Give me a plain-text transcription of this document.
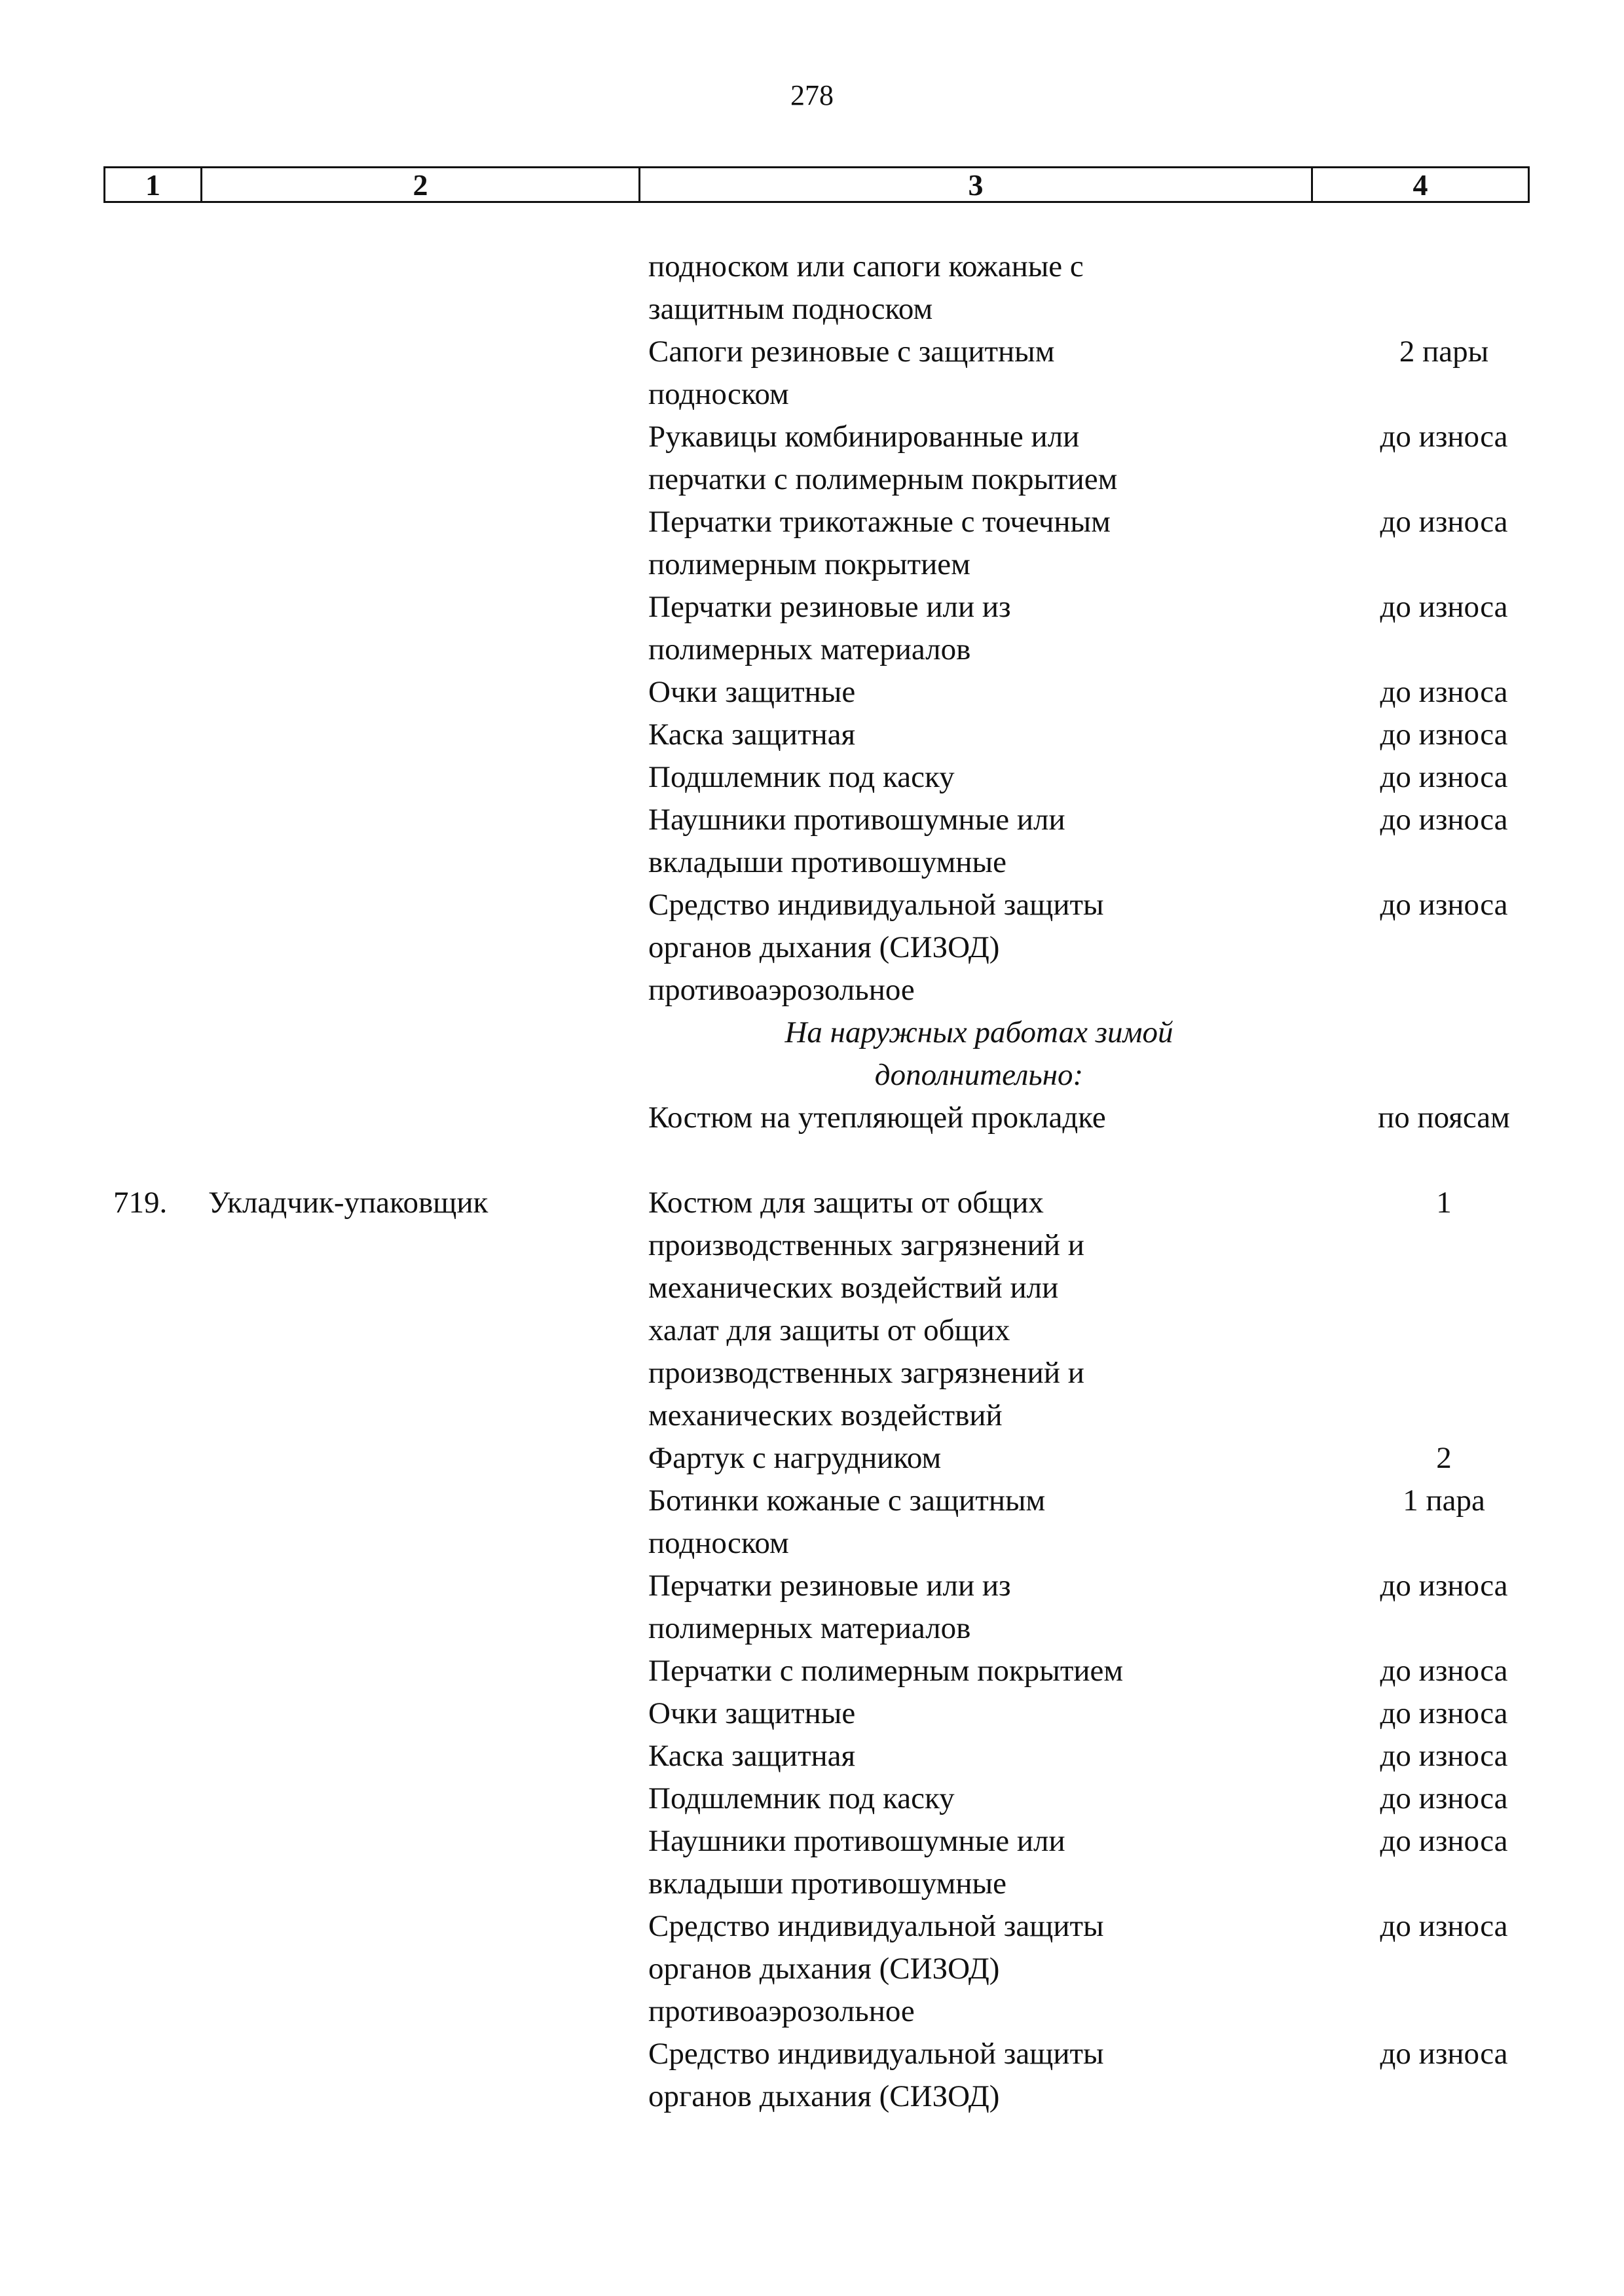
278
1	2	3	4
подноском или сапоги кожаные с
защитным подноском
Сапоги резиновые с защитным	2 пары
подноском
Рукавицы комбинированные или	до износа
перчатки с полимерным покрытием
Перчатки трикотажные с точечным	до износа
полимерным покрытием
Перчатки резиновые или из	до износа
полимерных материалов
Очки защитные	до износа
Каска защитная	до износа
Подшлемник под каску	до износа
Наушники противошумные или	до износа
вкладыши противошумные
Средство индивидуальной защиты	до износа
органов дыхания (СИЗОД)
противоаэрозольное
На наружных работах зимой
дополнительно:
Костюм на утепляющей прокладке	по поясам
719. Укладчик-упаковщик	Костюм для защиты от общих	1
производственных загрязнений и
механических воздействий или
халат для защиты от общих
производственных загрязнений и
механических воздействий
Фартук с нагрудником	2
Ботинки кожаные с защитным	1 пара
подноском
Перчатки резиновые или из	до износа
полимерных материалов
Перчатки с полимерным покрытием	до износа
Очки защитные	до износа
Каска защитная	до износа
Подшлемник под каску	до износа
Наушники противошумные или	до износа
вкладыши противошумные
Средство индивидуальной защиты	до износа
органов дыхания (СИЗОД)
противоаэрозольное
Средство индивидуальной защиты	до износа
органов дыхания (СИЗОД)
